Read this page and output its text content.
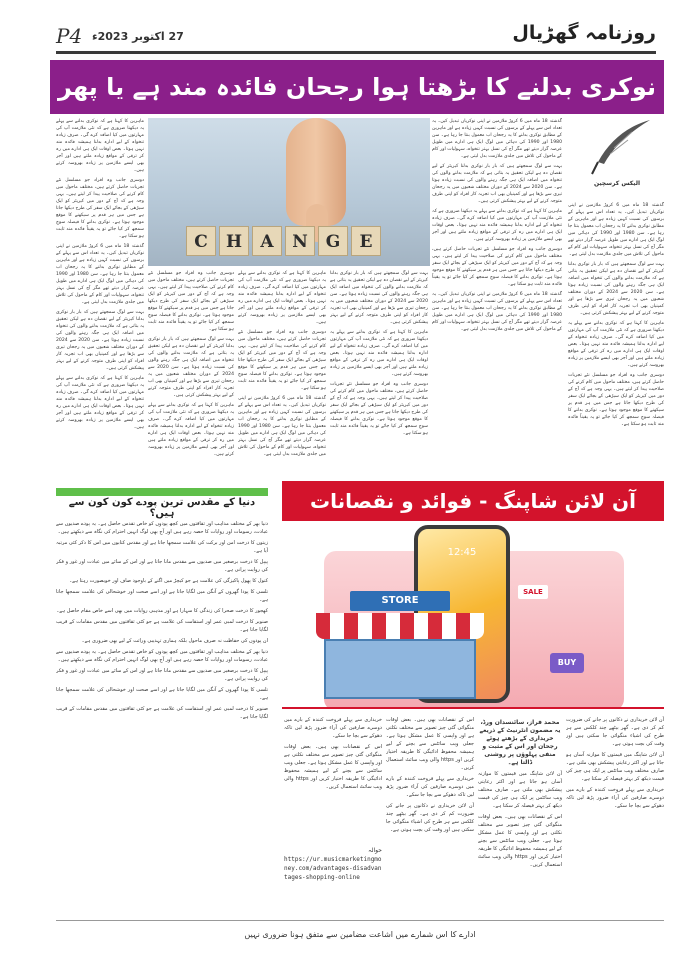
P4 27 اکتوبر 2023ء	روزنامہ گھڑیال
نوکری بدلنے کا بڑھتا ہوا رجحان فائدہ مند ہے یا پھر

گذشتہ 18 ماہ میں 6 کروڑ ملازمین نے اپنی نوکریاں تبدیل کیں۔ یہ تعداد اس سے پہلے کے برسوں کی نسبت کہیں زیادہ ہے اور ماہرین کے مطابق نوکری بدلنے کا یہ رجحان اب معمول بنتا جا رہا ہے۔ سن 1980 اور 1990 کی دہائی میں لوگ ایک ہی ادارے میں طویل عرصہ گزار دیتے تھے مگر آج کی نسل بہتر تنخواہ، سہولیات اور کام کے ماحول کی تلاش میں جلدی ملازمت بدل لیتی ہے۔

بہت سے لوگ سمجھتے ہیں کہ بار بار نوکری بدلنا کیریئر کے لیے نقصان دہ ہے لیکن تحقیق یہ بتاتی ہے کہ ملازمت بدلنے والوں کی تنخواہ میں اضافہ ایک ہی جگہ رہنے والوں کی نسبت زیادہ ہوتا ہے۔ سن 2020 سے 2024 کے دوران مختلف شعبوں میں یہ رجحان تیزی سے بڑھا ہے اور کمپنیاں بھی اب تجربہ کار افراد کو اپنی طرف متوجہ کرنے کے لیے بہتر پیشکش کرتی ہیں۔

ماہرین کا کہنا ہے کہ نوکری بدلنے سے پہلے یہ دیکھنا ضروری ہے کہ نئی ملازمت آپ کی مہارتوں میں کیا اضافہ کرے گی۔ صرف زیادہ تنخواہ کے لیے ادارہ بدلنا ہمیشہ فائدہ مند نہیں ہوتا۔ بعض اوقات ایک ہی ادارے میں رہ کر ترقی کے مواقع زیادہ ملتے ہیں اور آجر بھی ایسے ملازمین پر زیادہ بھروسہ کرتے ہیں۔

دوسری جانب وہ افراد جو مسلسل نئے تجربات حاصل کرتے ہیں، مختلف ماحول میں کام کرنے کی صلاحیت پیدا کر لیتے ہیں۔ یہی وجہ ہے کہ آج کے دور میں کیریئر کو ایک سیڑھی کے بجائے ایک سفر کی طرح دیکھا جاتا ہے جس میں ہر قدم پر سیکھنے کا موقع موجود ہوتا ہے۔ نوکری بدلنے کا فیصلہ سوچ سمجھ کر کیا جائے تو یہ یقیناً فائدہ مند ثابت ہو سکتا ہے۔

گذشتہ 18 ماہ میں 6 کروڑ ملازمین نے اپنی نوکریاں تبدیل کیں۔ یہ تعداد اس سے پہلے کے برسوں کی نسبت کہیں زیادہ ہے اور ماہرین کے مطابق نوکری بدلنے کا یہ رجحان اب معمول بنتا جا رہا ہے۔ سن 1980 اور 1990 کی دہائی میں لوگ ایک ہی ادارے میں طویل عرصہ گزار دیتے تھے مگر آج کی نسل بہتر تنخواہ، سہولیات اور کام کے ماحول کی تلاش میں جلدی ملازمت بدل لیتی ہے۔

گذشتہ 18 ماہ میں 6 کروڑ ملازمین نے اپنی نوکریاں تبدیل کیں۔ یہ تعداد اس سے پہلے کے برسوں کی نسبت کہیں زیادہ ہے اور ماہرین کے مطابق نوکری بدلنے کا یہ رجحان اب معمول بنتا جا رہا ہے۔ سن 1980 اور 1990 کی دہائی میں لوگ ایک ہی ادارے میں طویل عرصہ گزار دیتے تھے مگر آج کی نسل بہتر تنخواہ، سہولیات اور کام کے ماحول کی تلاش میں جلدی ملازمت بدل لیتی ہے۔

بہت سے لوگ سمجھتے ہیں کہ بار بار نوکری بدلنا کیریئر کے لیے نقصان دہ ہے لیکن تحقیق یہ بتاتی ہے کہ ملازمت بدلنے والوں کی تنخواہ میں اضافہ ایک ہی جگہ رہنے والوں کی نسبت زیادہ ہوتا ہے۔ سن 2020 سے 2024 کے دوران مختلف شعبوں میں یہ رجحان تیزی سے بڑھا ہے اور کمپنیاں بھی اب تجربہ کار افراد کو اپنی طرف متوجہ کرنے کے لیے بہتر پیشکش کرتی ہیں۔

ماہرین کا کہنا ہے کہ نوکری بدلنے سے پہلے یہ دیکھنا ضروری ہے کہ نئی ملازمت آپ کی مہارتوں میں کیا اضافہ کرے گی۔ صرف زیادہ تنخواہ کے لیے ادارہ بدلنا ہمیشہ فائدہ مند نہیں ہوتا۔ بعض اوقات ایک ہی ادارے میں رہ کر ترقی کے مواقع زیادہ ملتے ہیں اور آجر بھی ایسے ملازمین پر زیادہ بھروسہ کرتے ہیں۔

دوسری جانب وہ افراد جو مسلسل نئے تجربات حاصل کرتے ہیں، مختلف ماحول میں کام کرنے کی صلاحیت پیدا کر لیتے ہیں۔ یہی وجہ ہے کہ آج کے دور میں کیریئر کو ایک سیڑھی کے بجائے ایک سفر کی طرح دیکھا جاتا ہے جس میں ہر قدم پر سیکھنے کا موقع موجود ہوتا ہے۔ نوکری بدلنے کا فیصلہ سوچ سمجھ کر کیا جائے تو یہ یقیناً فائدہ مند ثابت ہو سکتا ہے۔

بہت سے لوگ سمجھتے ہیں کہ بار بار نوکری بدلنا کیریئر کے لیے نقصان دہ ہے لیکن تحقیق یہ بتاتی ہے کہ ملازمت بدلنے والوں کی تنخواہ میں اضافہ ایک ہی جگہ رہنے والوں کی نسبت زیادہ ہوتا ہے۔ سن 2020 سے 2024 کے دوران مختلف شعبوں میں یہ رجحان تیزی سے بڑھا ہے اور کمپنیاں بھی اب تجربہ کار افراد کو اپنی طرف متوجہ کرنے کے لیے بہتر پیشکش کرتی ہیں۔

ماہرین کا کہنا ہے کہ نوکری بدلنے سے پہلے یہ دیکھنا ضروری ہے کہ نئی ملازمت آپ کی مہارتوں میں کیا اضافہ کرے گی۔ صرف زیادہ تنخواہ کے لیے ادارہ بدلنا ہمیشہ فائدہ مند نہیں ہوتا۔ بعض اوقات ایک ہی ادارے میں رہ کر ترقی کے مواقع زیادہ ملتے ہیں اور آجر بھی ایسے ملازمین پر زیادہ بھروسہ کرتے ہیں۔

دوسری جانب وہ افراد جو مسلسل نئے تجربات حاصل کرتے ہیں، مختلف ماحول میں کام کرنے کی صلاحیت پیدا کر لیتے ہیں۔ یہی وجہ ہے کہ آج کے دور میں کیریئر کو ایک سیڑھی کے بجائے ایک سفر کی طرح دیکھا جاتا ہے جس میں ہر قدم پر سیکھنے کا موقع موجود ہوتا ہے۔ نوکری بدلنے کا فیصلہ سوچ سمجھ کر کیا جائے تو یہ یقیناً فائدہ مند ثابت ہو سکتا ہے۔

ماہرین کا کہنا ہے کہ نوکری بدلنے سے پہلے یہ دیکھنا ضروری ہے کہ نئی ملازمت آپ کی مہارتوں میں کیا اضافہ کرے گی۔ صرف زیادہ تنخواہ کے لیے ادارہ بدلنا ہمیشہ فائدہ مند نہیں ہوتا۔ بعض اوقات ایک ہی ادارے میں رہ کر ترقی کے مواقع زیادہ ملتے ہیں اور آجر بھی ایسے ملازمین پر زیادہ بھروسہ کرتے ہیں۔

دوسری جانب وہ افراد جو مسلسل نئے تجربات حاصل کرتے ہیں، مختلف ماحول میں کام کرنے کی صلاحیت پیدا کر لیتے ہیں۔ یہی وجہ ہے کہ آج کے دور میں کیریئر کو ایک سیڑھی کے بجائے ایک سفر کی طرح دیکھا جاتا ہے جس میں ہر قدم پر سیکھنے کا موقع موجود ہوتا ہے۔ نوکری بدلنے کا فیصلہ سوچ سمجھ کر کیا جائے تو یہ یقیناً فائدہ مند ثابت ہو سکتا ہے۔

گذشتہ 18 ماہ میں 6 کروڑ ملازمین نے اپنی نوکریاں تبدیل کیں۔ یہ تعداد اس سے پہلے کے برسوں کی نسبت کہیں زیادہ ہے اور ماہرین کے مطابق نوکری بدلنے کا یہ رجحان اب معمول بنتا جا رہا ہے۔ سن 1980 اور 1990 کی دہائی میں لوگ ایک ہی ادارے میں طویل عرصہ گزار دیتے تھے مگر آج کی نسل بہتر تنخواہ، سہولیات اور کام کے ماحول کی تلاش میں جلدی ملازمت بدل لیتی ہے۔

دوسری جانب وہ افراد جو مسلسل نئے تجربات حاصل کرتے ہیں، مختلف ماحول میں کام کرنے کی صلاحیت پیدا کر لیتے ہیں۔ یہی وجہ ہے کہ آج کے دور میں کیریئر کو ایک سیڑھی کے بجائے ایک سفر کی طرح دیکھا جاتا ہے جس میں ہر قدم پر سیکھنے کا موقع موجود ہوتا ہے۔ نوکری بدلنے کا فیصلہ سوچ سمجھ کر کیا جائے تو یہ یقیناً فائدہ مند ثابت ہو سکتا ہے۔

بہت سے لوگ سمجھتے ہیں کہ بار بار نوکری بدلنا کیریئر کے لیے نقصان دہ ہے لیکن تحقیق یہ بتاتی ہے کہ ملازمت بدلنے والوں کی تنخواہ میں اضافہ ایک ہی جگہ رہنے والوں کی نسبت زیادہ ہوتا ہے۔ سن 2020 سے 2024 کے دوران مختلف شعبوں میں یہ رجحان تیزی سے بڑھا ہے اور کمپنیاں بھی اب تجربہ کار افراد کو اپنی طرف متوجہ کرنے کے لیے بہتر پیشکش کرتی ہیں۔

ماہرین کا کہنا ہے کہ نوکری بدلنے سے پہلے یہ دیکھنا ضروری ہے کہ نئی ملازمت آپ کی مہارتوں میں کیا اضافہ کرے گی۔ صرف زیادہ تنخواہ کے لیے ادارہ بدلنا ہمیشہ فائدہ مند نہیں ہوتا۔ بعض اوقات ایک ہی ادارے میں رہ کر ترقی کے مواقع زیادہ ملتے ہیں اور آجر بھی ایسے ملازمین پر زیادہ بھروسہ کرتے ہیں۔

ماہرین کا کہنا ہے کہ نوکری بدلنے سے پہلے یہ دیکھنا ضروری ہے کہ نئی ملازمت آپ کی مہارتوں میں کیا اضافہ کرے گی۔ صرف زیادہ تنخواہ کے لیے ادارہ بدلنا ہمیشہ فائدہ مند نہیں ہوتا۔ بعض اوقات ایک ہی ادارے میں رہ کر ترقی کے مواقع زیادہ ملتے ہیں اور آجر بھی ایسے ملازمین پر زیادہ بھروسہ کرتے ہیں۔

دوسری جانب وہ افراد جو مسلسل نئے تجربات حاصل کرتے ہیں، مختلف ماحول میں کام کرنے کی صلاحیت پیدا کر لیتے ہیں۔ یہی وجہ ہے کہ آج کے دور میں کیریئر کو ایک سیڑھی کے بجائے ایک سفر کی طرح دیکھا جاتا ہے جس میں ہر قدم پر سیکھنے کا موقع موجود ہوتا ہے۔ نوکری بدلنے کا فیصلہ سوچ سمجھ کر کیا جائے تو یہ یقیناً فائدہ مند ثابت ہو سکتا ہے۔

گذشتہ 18 ماہ میں 6 کروڑ ملازمین نے اپنی نوکریاں تبدیل کیں۔ یہ تعداد اس سے پہلے کے برسوں کی نسبت کہیں زیادہ ہے اور ماہرین کے مطابق نوکری بدلنے کا یہ رجحان اب معمول بنتا جا رہا ہے۔ سن 1980 اور 1990 کی دہائی میں لوگ ایک ہی ادارے میں طویل عرصہ گزار دیتے تھے مگر آج کی نسل بہتر تنخواہ، سہولیات اور کام کے ماحول کی تلاش میں جلدی ملازمت بدل لیتی ہے۔

بہت سے لوگ سمجھتے ہیں کہ بار بار نوکری بدلنا کیریئر کے لیے نقصان دہ ہے لیکن تحقیق یہ بتاتی ہے کہ ملازمت بدلنے والوں کی تنخواہ میں اضافہ ایک ہی جگہ رہنے والوں کی نسبت زیادہ ہوتا ہے۔ سن 2020 سے 2024 کے دوران مختلف شعبوں میں یہ رجحان تیزی سے بڑھا ہے اور کمپنیاں بھی اب تجربہ کار افراد کو اپنی طرف متوجہ کرنے کے لیے بہتر پیشکش کرتی ہیں۔

ماہرین کا کہنا ہے کہ نوکری بدلنے سے پہلے یہ دیکھنا ضروری ہے کہ نئی ملازمت آپ کی مہارتوں میں کیا اضافہ کرے گی۔ صرف زیادہ تنخواہ کے لیے ادارہ بدلنا ہمیشہ فائدہ مند نہیں ہوتا۔ بعض اوقات ایک ہی ادارے میں رہ کر ترقی کے مواقع زیادہ ملتے ہیں اور آجر بھی ایسے ملازمین پر زیادہ بھروسہ کرتے ہیں۔

C	H	A	N	G	E
الیکس کرسچین
دنیا کے مقدس ترین پودے کون کون سے ہیں؟

دنیا بھر کے مختلف مذاہب اور ثقافتوں میں کچھ پودوں کو خاص تقدس حاصل ہے۔ یہ پودے صدیوں سے عبادت، رسومات اور روایات کا حصہ رہے ہیں اور آج بھی لوگ انہیں احترام کی نگاہ سے دیکھتے ہیں۔

زیتون کا درخت امن اور برکت کی علامت سمجھا جاتا ہے اور مقدس کتابوں میں اس کا ذکر کئی مرتبہ آیا ہے۔

پیپل کا درخت برصغیر میں صدیوں سے مقدس مانا جاتا ہے اور اس کے سائے میں عبادت اور غور و فکر کی روایت پرانی ہے۔

کنول کا پھول پاکیزگی کی علامت ہے جو کیچڑ میں اگنے کے باوجود صاف اور خوبصورت رہتا ہے۔

تلسی کا پودا گھروں کے آنگن میں لگایا جاتا ہے اور اسے صحت اور خوشحالی کی علامت سمجھا جاتا ہے۔

کھجور کا درخت صحرا کی زندگی کا سہارا ہے اور مذہبی روایات میں بھی اسے خاص مقام حاصل ہے۔

صنوبر کا درخت لمبی عمر اور استقامت کی علامت ہے جو کئی ثقافتوں میں مقدس مقامات کے قریب لگایا جاتا ہے۔

ان پودوں کی حفاظت نہ صرف ماحول بلکہ ہماری تہذیبی وراثت کے لیے بھی ضروری ہے۔

دنیا بھر کے مختلف مذاہب اور ثقافتوں میں کچھ پودوں کو خاص تقدس حاصل ہے۔ یہ پودے صدیوں سے عبادت، رسومات اور روایات کا حصہ رہے ہیں اور آج بھی لوگ انہیں احترام کی نگاہ سے دیکھتے ہیں۔

پیپل کا درخت برصغیر میں صدیوں سے مقدس مانا جاتا ہے اور اس کے سائے میں عبادت اور غور و فکر کی روایت پرانی ہے۔

تلسی کا پودا گھروں کے آنگن میں لگایا جاتا ہے اور اسے صحت اور خوشحالی کی علامت سمجھا جاتا ہے۔

صنوبر کا درخت لمبی عمر اور استقامت کی علامت ہے جو کئی ثقافتوں میں مقدس مقامات کے قریب لگایا جاتا ہے۔

آن لائن شاپنگ - فوائد و نقصانات
12:45
STORE
SALE
BUY

آن لائن خریداری نے دکانوں پر جانے کی ضرورت کم کر دی ہے۔ گھر بیٹھے چند کلکس سے ہر طرح کی اشیاء منگوائی جا سکتی ہیں اور وقت کی بچت ہوتی ہے۔

آن لائن شاپنگ میں قیمتوں کا موازنہ آسان ہو جاتا ہے اور اکثر رعایتی پیشکش بھی ملتی ہے۔ صارف مختلف ویب سائٹس پر ایک ہی چیز کی قیمت دیکھ کر بہتر فیصلہ کر سکتا ہے۔

خریداری سے پہلے فروخت کنندہ کے بارے میں دوسرے صارفین کی آراء ضرور پڑھ لیں تاکہ دھوکے سے بچا جا سکے۔

محمد فراز، سائنسدان ورڈ، یہ مضمون انٹرنیٹ کے ذریعے خریداری کے بڑھتے ہوئے رجحان اور اس کے مثبت و منفی پہلوؤں پر روشنی ڈالتا ہے۔

آن لائن شاپنگ میں قیمتوں کا موازنہ آسان ہو جاتا ہے اور اکثر رعایتی پیشکش بھی ملتی ہے۔ صارف مختلف ویب سائٹس پر ایک ہی چیز کی قیمت دیکھ کر بہتر فیصلہ کر سکتا ہے۔

اس کے نقصانات بھی ہیں۔ بعض اوقات منگوائی گئی چیز تصویر سے مختلف نکلتی ہے اور واپسی کا عمل مشکل ہوتا ہے۔ جعلی ویب سائٹس سے بچنے کے لیے ہمیشہ محفوظ ادائیگی کا طریقہ اختیار کریں اور https والی ویب سائٹ استعمال کریں۔

اس کے نقصانات بھی ہیں۔ بعض اوقات منگوائی گئی چیز تصویر سے مختلف نکلتی ہے اور واپسی کا عمل مشکل ہوتا ہے۔ جعلی ویب سائٹس سے بچنے کے لیے ہمیشہ محفوظ ادائیگی کا طریقہ اختیار کریں اور https والی ویب سائٹ استعمال کریں۔

خریداری سے پہلے فروخت کنندہ کے بارے میں دوسرے صارفین کی آراء ضرور پڑھ لیں تاکہ دھوکے سے بچا جا سکے۔

آن لائن خریداری نے دکانوں پر جانے کی ضرورت کم کر دی ہے۔ گھر بیٹھے چند کلکس سے ہر طرح کی اشیاء منگوائی جا سکتی ہیں اور وقت کی بچت ہوتی ہے۔

خریداری سے پہلے فروخت کنندہ کے بارے میں دوسرے صارفین کی آراء ضرور پڑھ لیں تاکہ دھوکے سے بچا جا سکے۔

اس کے نقصانات بھی ہیں۔ بعض اوقات منگوائی گئی چیز تصویر سے مختلف نکلتی ہے اور واپسی کا عمل مشکل ہوتا ہے۔ جعلی ویب سائٹس سے بچنے کے لیے ہمیشہ محفوظ ادائیگی کا طریقہ اختیار کریں اور https والی ویب سائٹ استعمال کریں۔

حوالہ
https://ur.musicmarketingmoney.com/advantages-disadvantages-shopping-online
ادارے کا اس شمارے میں اشاعت مضامین سے متفق ہونا ضروری نہیں
